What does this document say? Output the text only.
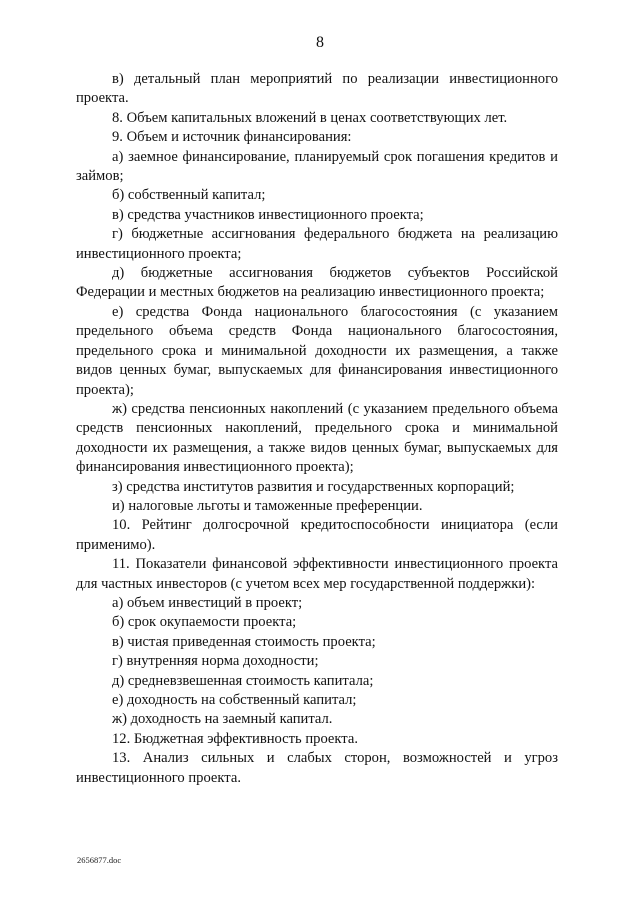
8

в) детальный план мероприятий по реализации инвестиционного проекта.

8. Объем капитальных вложений в ценах соответствующих лет.

9. Объем и источник финансирования:

а) заемное финансирование, планируемый срок погашения кредитов и займов;

б) собственный капитал;

в) средства участников инвестиционного проекта;

г) бюджетные ассигнования федерального бюджета на реализацию инвестиционного проекта;

д) бюджетные ассигнования бюджетов субъектов Российской Федерации и местных бюджетов на реализацию инвестиционного проекта;

е) средства Фонда национального благосостояния (с указанием предельного объема средств Фонда национального благосостояния, предельного срока и минимальной доходности их размещения, а также видов ценных бумаг, выпускаемых для финансирования инвестиционного проекта);

ж) средства пенсионных накоплений (с указанием предельного объема средств пенсионных накоплений, предельного срока и минимальной доходности их размещения, а также видов ценных бумаг, выпускаемых для финансирования инвестиционного проекта);

з) средства институтов развития и государственных корпораций;

и) налоговые льготы и таможенные преференции.

10. Рейтинг долгосрочной кредитоспособности инициатора (если применимо).

11. Показатели финансовой эффективности инвестиционного проекта для частных инвесторов (с учетом всех мер государственной поддержки):

а) объем инвестиций в проект;

б) срок окупаемости проекта;

в) чистая приведенная стоимость проекта;

г) внутренняя норма доходности;

д) средневзвешенная стоимость капитала;

е) доходность на собственный капитал;

ж) доходность на заемный капитал.

12. Бюджетная эффективность проекта.

13. Анализ сильных и слабых сторон, возможностей и угроз инвестиционного проекта.

2656877.doc
